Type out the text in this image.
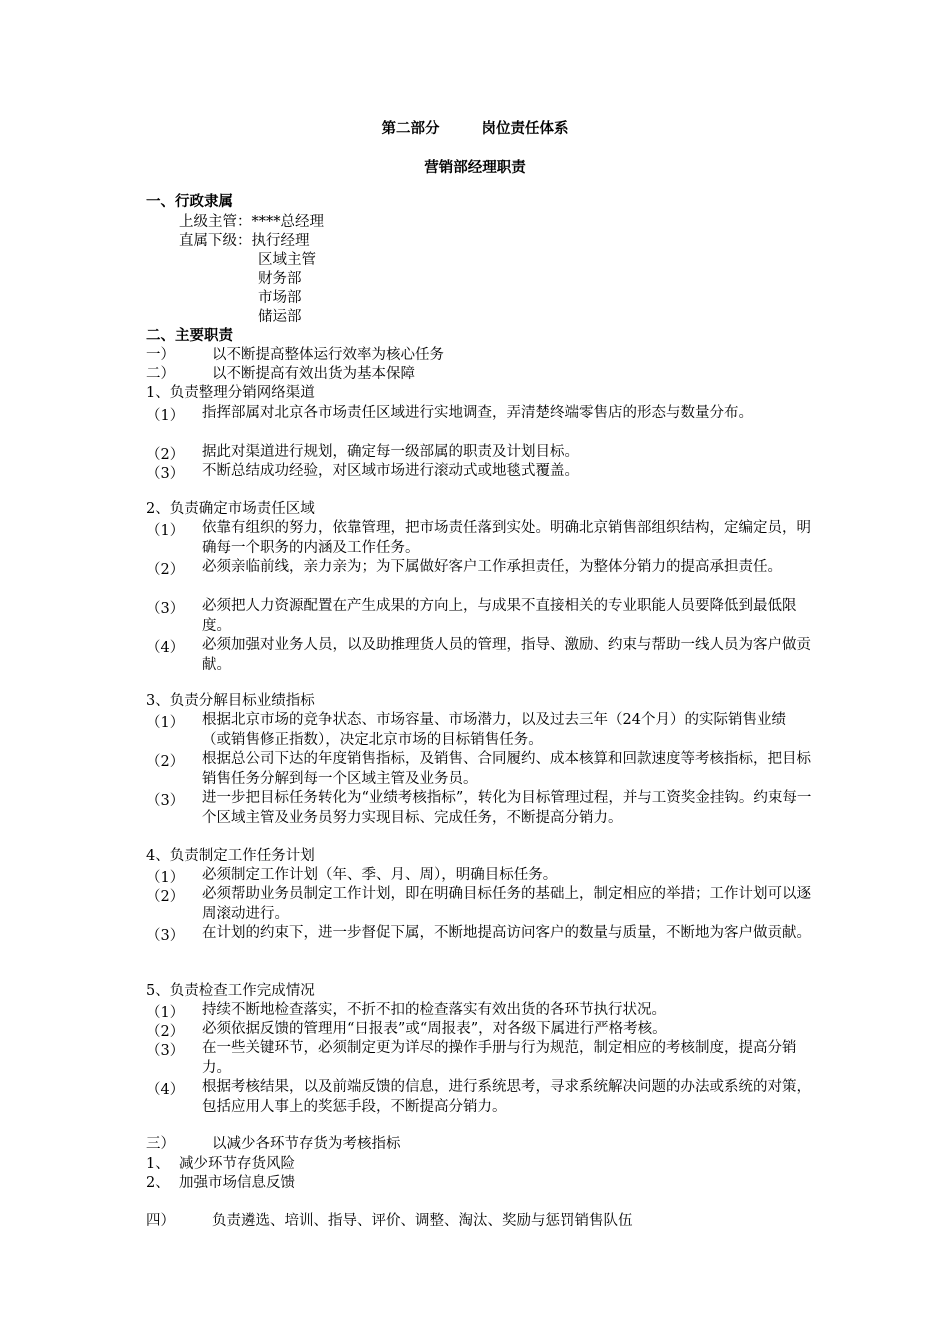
第二部分	岗位责任体系
营销部经理职责
一、行政隶属
上级主管：****总经理
直属下级：执行经理
区域主管
财务部
市场部
储运部
二、主要职责
一）	以不断提高整体运行效率为核心任务
二）	以不断提高有效出货为基本保障
1、负责整理分销网络渠道
（1）	指挥部属对北京各市场责任区域进行实地调查，弄清楚终端零售店的形态与数量分布。
（2）	据此对渠道进行规划，确定每一级部属的职责及计划目标。
（3）	不断总结成功经验，对区域市场进行滚动式或地毯式覆盖。
2、负责确定市场责任区域
（1）	依靠有组织的努力，依靠管理，把市场责任落到实处。明确北京销售部组织结构，定编定员，明确每一个职务的内涵及工作任务。
（2）	必须亲临前线，亲力亲为；为下属做好客户工作承担责任，为整体分销力的提高承担责任。
（3）	必须把人力资源配置在产生成果的方向上，与成果不直接相关的专业职能人员要降低到最低限度。
（4）	必须加强对业务人员，以及助推理货人员的管理，指导、激励、约束与帮助一线人员为客户做贡献。
3、负责分解目标业绩指标
（1）	根据北京市场的竞争状态、市场容量、市场潜力，以及过去三年（24个月）的实际销售业绩（或销售修正指数），决定北京市场的目标销售任务。
（2）	根据总公司下达的年度销售指标，及销售、合同履约、成本核算和回款速度等考核指标，把目标销售任务分解到每一个区域主管及业务员。
（3）	进一步把目标任务转化为“业绩考核指标”，转化为目标管理过程，并与工资奖金挂钩。约束每一个区域主管及业务员努力实现目标、完成任务，不断提高分销力。
4、负责制定工作任务计划
（1）	必须制定工作计划（年、季、月、周），明确目标任务。
（2）	必须帮助业务员制定工作计划，即在明确目标任务的基础上，制定相应的举措；工作计划可以逐周滚动进行。
（3）	在计划的约束下，进一步督促下属，不断地提高访问客户的数量与质量，不断地为客户做贡献。
5、负责检查工作完成情况
（1）	持续不断地检查落实，不折不扣的检查落实有效出货的各环节执行状况。
（2）	必须依据反馈的管理用“日报表”或“周报表”，对各级下属进行严格考核。
（3）	在一些关键环节，必须制定更为详尽的操作手册与行为规范，制定相应的考核制度，提高分销力。
（4）	根据考核结果，以及前端反馈的信息，进行系统思考，寻求系统解决问题的办法或系统的对策，包括应用人事上的奖惩手段，不断提高分销力。
三）	以减少各环节存货为考核指标
1、 减少环节存货风险
2、 加强市场信息反馈
四）	负责遴选、培训、指导、评价、调整、淘汰、奖励与惩罚销售队伍
